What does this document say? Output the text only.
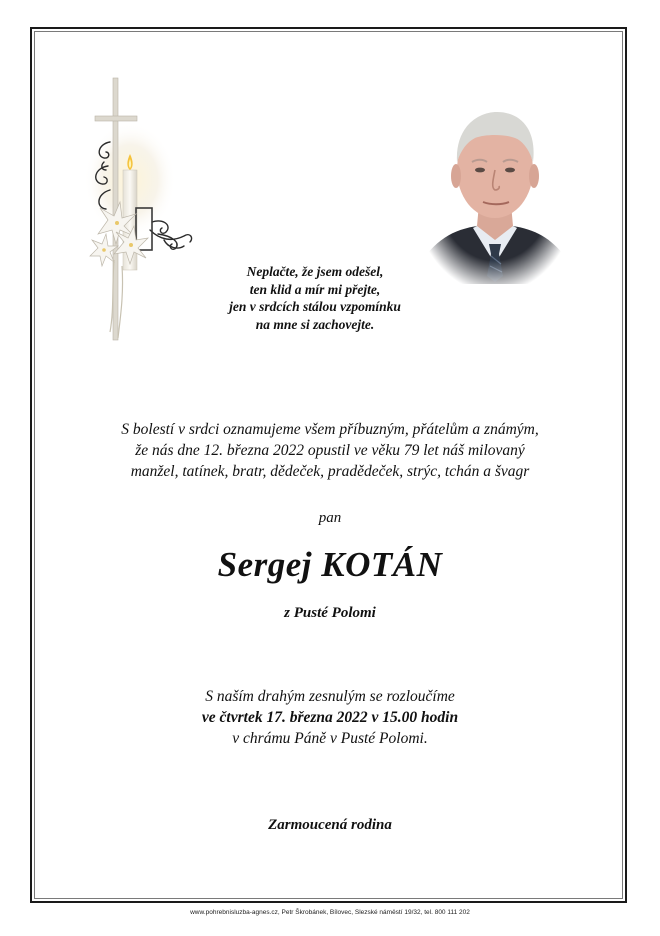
Neplačte, že jsem odešel,
ten klid a mír mi přejte,
jen v srdcích stálou vzpomínku
na mne si zachovejte.
S bolestí v srdci oznamujeme všem příbuzným, přátelům a známým,
že nás dne 12. března 2022 opustil ve věku 79 let náš milovaný
manžel, tatínek, bratr, dědeček, pradědeček, strýc, tchán a švagr
pan
Sergej KOTÁN
z Pusté Polomi
S naším drahým zesnulým se rozloučíme
ve čtvrtek 17. března 2022 v 15.00 hodin
v chrámu Páně v Pusté Polomi.
Zarmoucená rodina
www.pohrebnisluzba-agnes.cz, Petr Škrobánek, Bílovec, Slezské náměstí 19/32, tel. 800 111 202
